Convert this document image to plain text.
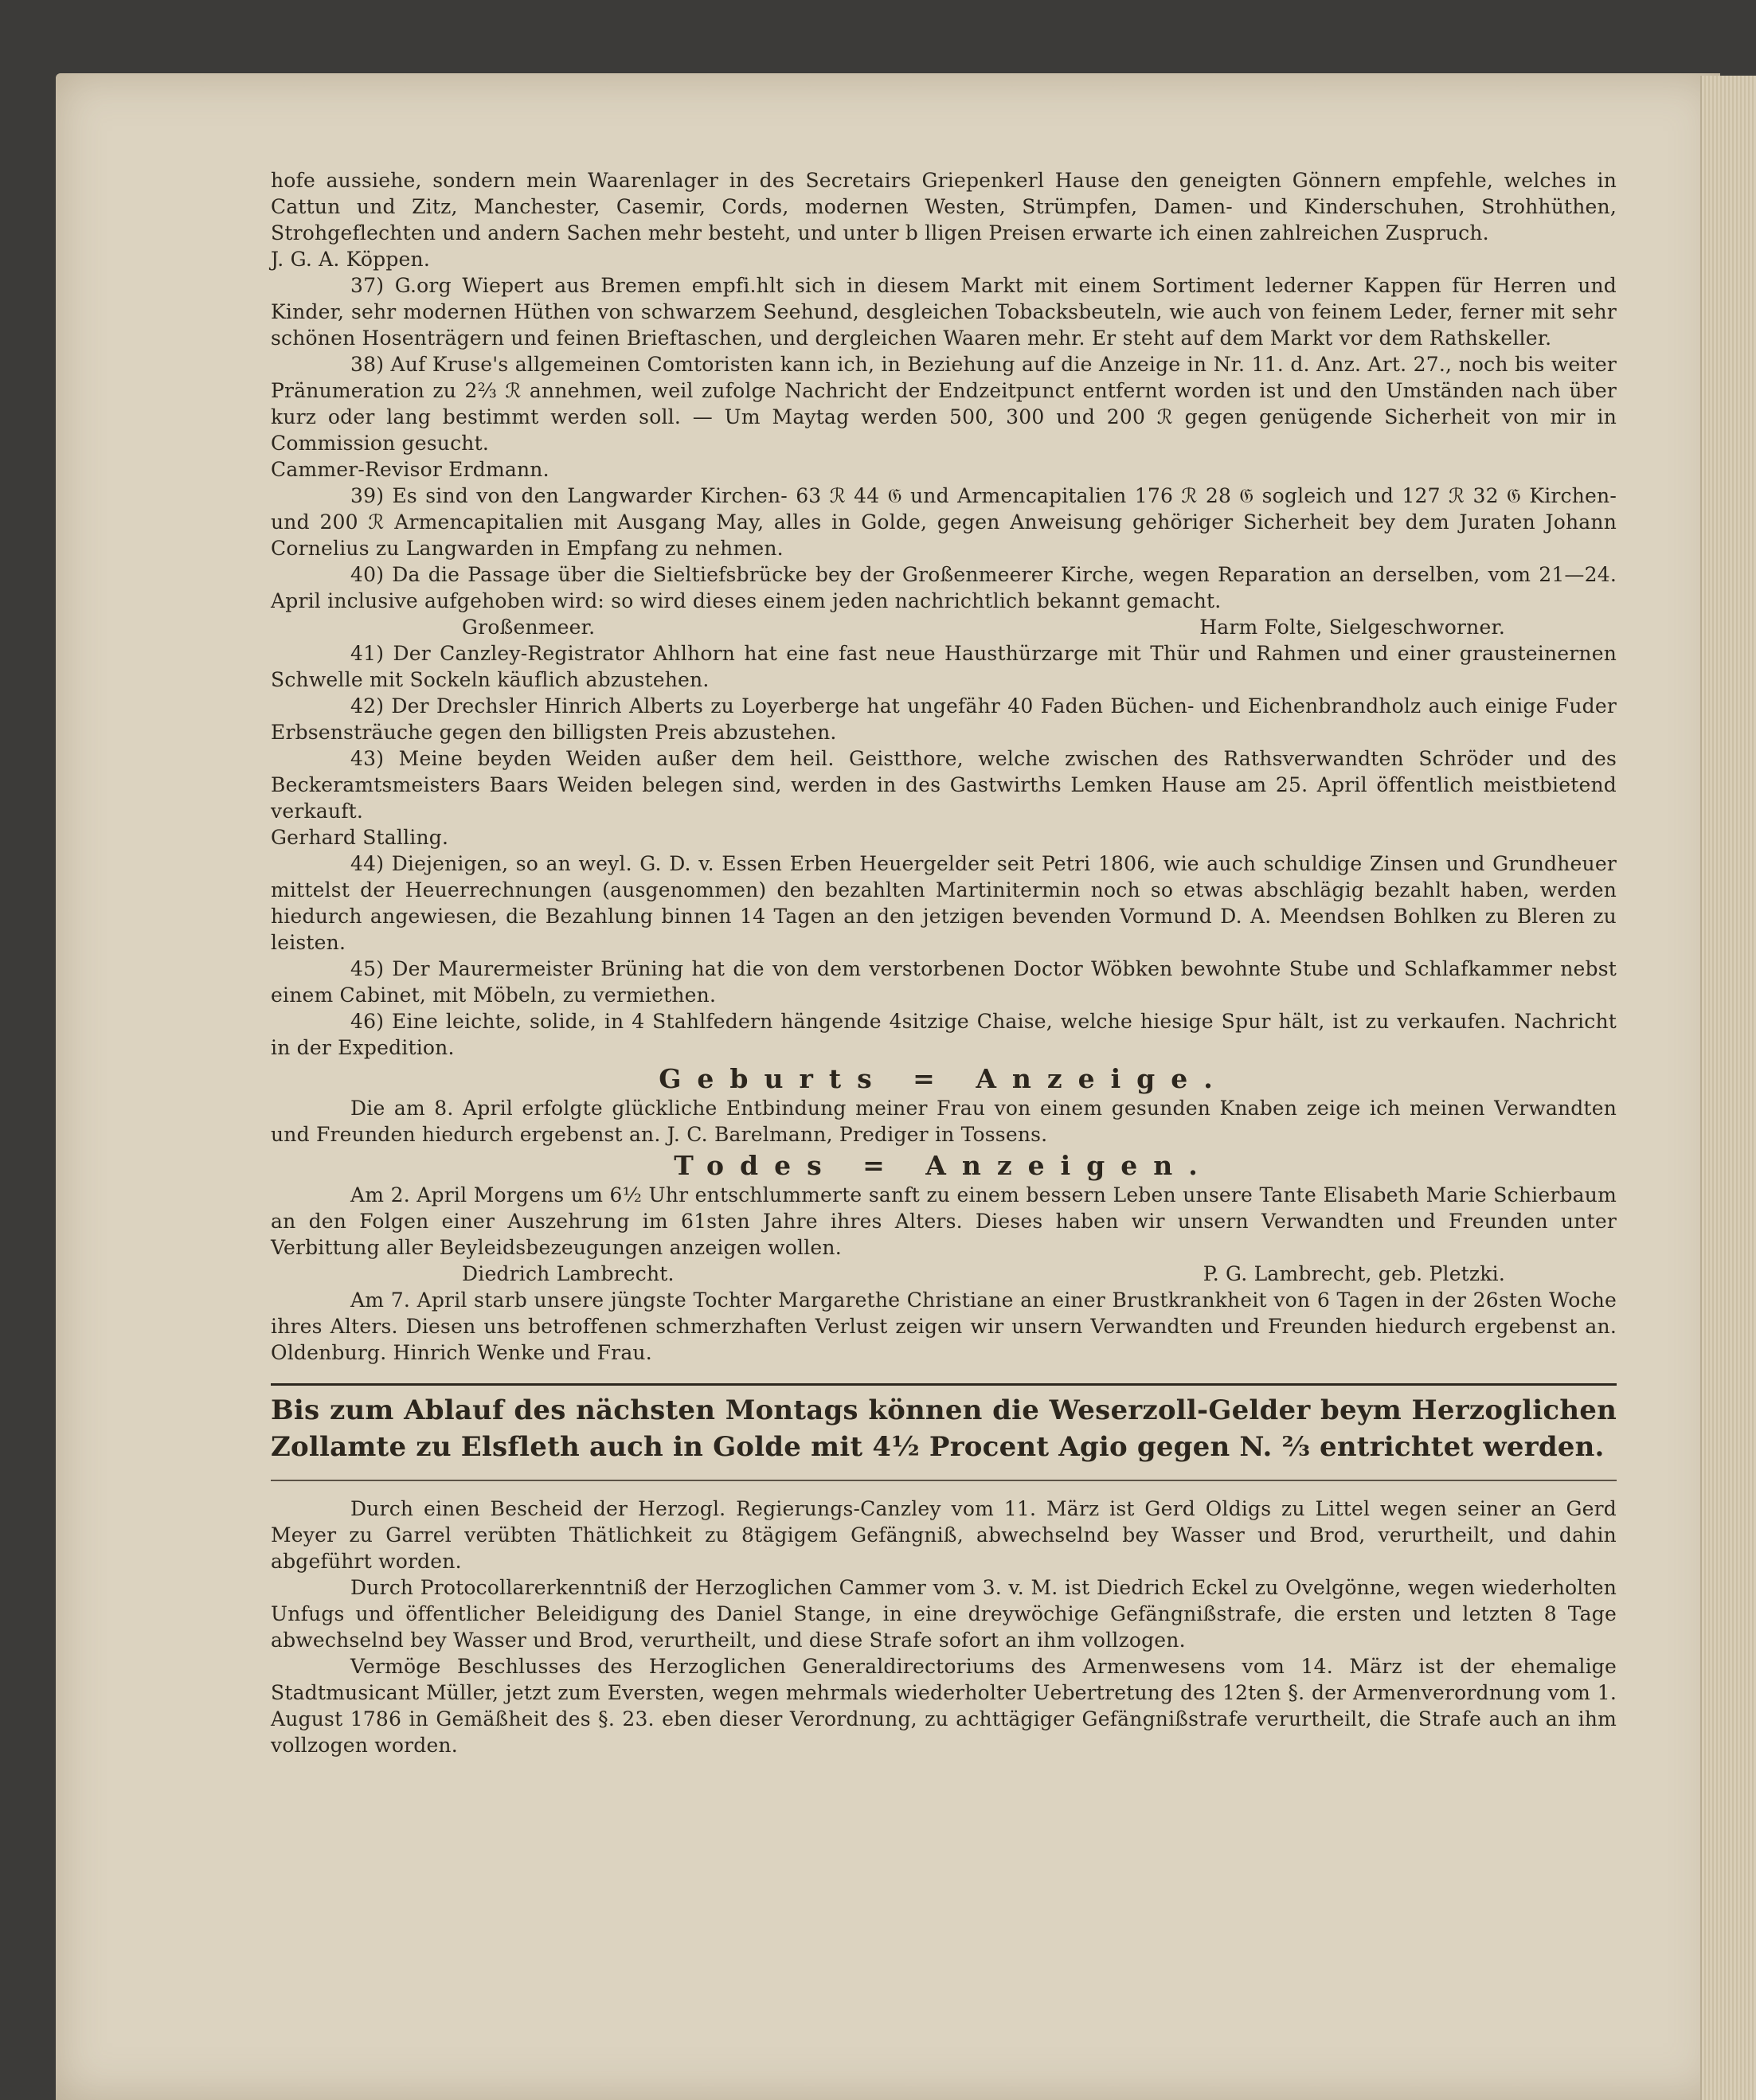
hofe aussiehe, sondern mein Waarenlager in des Secretairs Griepenkerl Hause den geneigten Gönnern empfehle, welches in Cattun und Zitz, Manchester, Casemir, Cords, modernen Westen, Strümpfen, Damen- und Kinderschuhen, Strohhüthen, Strohgeflechten und andern Sachen mehr besteht, und unter b lligen Preisen erwarte ich einen zahlreichen Zuspruch.

J. G. A. Köppen.

37) G.org Wiepert aus Bremen empfi.hlt sich in diesem Markt mit einem Sortiment lederner Kappen für Herren und Kinder, sehr modernen Hüthen von schwarzem Seehund, desgleichen Tobacksbeuteln, wie auch von feinem Leder, ferner mit sehr schönen Hosenträgern und feinen Brieftaschen, und dergleichen Waaren mehr. Er steht auf dem Markt vor dem Rathskeller.

38) Auf Kruse's allgemeinen Comtoristen kann ich, in Beziehung auf die Anzeige in Nr. 11. d. Anz. Art. 27., noch bis weiter Pränumeration zu 2⅔ ℛ annehmen, weil zufolge Nachricht der Endzeitpunct entfernt worden ist und den Umständen nach über kurz oder lang bestimmt werden soll. — Um Maytag werden 500, 300 und 200 ℛ gegen genügende Sicherheit von mir in Commission gesucht.

Cammer-Revisor Erdmann.

39) Es sind von den Langwarder Kirchen- 63 ℛ 44 𝔊 und Armencapitalien 176 ℛ 28 𝔊 sogleich und 127 ℛ 32 𝔊 Kirchen- und 200 ℛ Armencapitalien mit Ausgang May, alles in Golde, gegen Anweisung gehöriger Sicherheit bey dem Juraten Johann Cornelius zu Langwarden in Empfang zu nehmen.

40) Da die Passage über die Sieltiefsbrücke bey der Großenmeerer Kirche, wegen Reparation an derselben, vom 21—24. April inclusive aufgehoben wird: so wird dieses einem jeden nachrichtlich bekannt gemacht.

Großenmeer.	Harm Folte, Sielgeschworner.

41) Der Canzley-Registrator Ahlhorn hat eine fast neue Hausthürzarge mit Thür und Rahmen und einer grausteinernen Schwelle mit Sockeln käuflich abzustehen.

42) Der Drechsler Hinrich Alberts zu Loyerberge hat ungefähr 40 Faden Büchen- und Eichenbrandholz auch einige Fuder Erbsensträuche gegen den billigsten Preis abzustehen.

43) Meine beyden Weiden außer dem heil. Geistthore, welche zwischen des Rathsverwandten Schröder und des Beckeramtsmeisters Baars Weiden belegen sind, werden in des Gastwirths Lemken Hause am 25. April öffentlich meistbietend verkauft.

Gerhard Stalling.

44) Diejenigen, so an weyl. G. D. v. Essen Erben Heuergelder seit Petri 1806, wie auch schuldige Zinsen und Grundheuer mittelst der Heuerrechnungen (ausgenommen) den bezahlten Martinitermin noch so etwas abschlägig bezahlt haben, werden hiedurch angewiesen, die Bezahlung binnen 14 Tagen an den jetzigen bevenden Vormund D. A. Meendsen Bohlken zu Bleren zu leisten.

45) Der Maurermeister Brüning hat die von dem verstorbenen Doctor Wöbken bewohnte Stube und Schlafkammer nebst einem Cabinet, mit Möbeln, zu vermiethen.

46) Eine leichte, solide, in 4 Stahlfedern hängende 4sitzige Chaise, welche hiesige Spur hält, ist zu verkaufen. Nachricht in der Expedition.

Geburts = Anzeige.

Die am 8. April erfolgte glückliche Entbindung meiner Frau von einem gesunden Knaben zeige ich meinen Verwandten und Freunden hiedurch ergebenst an. J. C. Barelmann, Prediger in Tossens.

Todes = Anzeigen.

Am 2. April Morgens um 6½ Uhr entschlummerte sanft zu einem bessern Leben unsere Tante Elisabeth Marie Schierbaum an den Folgen einer Auszehrung im 61sten Jahre ihres Alters. Dieses haben wir unsern Verwandten und Freunden unter Verbittung aller Beyleidsbezeugungen anzeigen wollen.

Diedrich Lambrecht.	P. G. Lambrecht, geb. Pletzki.

Am 7. April starb unsere jüngste Tochter Margarethe Christiane an einer Brustkrankheit von 6 Tagen in der 26sten Woche ihres Alters. Diesen uns betroffenen schmerzhaften Verlust zeigen wir unsern Verwandten und Freunden hiedurch ergebenst an. Oldenburg. Hinrich Wenke und Frau.

Bis zum Ablauf des nächsten Montags können die Weserzoll-Gelder beym Herzoglichen Zollamte zu Elsfleth auch in Golde mit 4½ Procent Agio gegen N. ⅔ entrichtet werden.

Durch einen Bescheid der Herzogl. Regierungs-Canzley vom 11. März ist Gerd Oldigs zu Littel wegen seiner an Gerd Meyer zu Garrel verübten Thätlichkeit zu 8tägigem Gefängniß, abwechselnd bey Wasser und Brod, verurtheilt, und dahin abgeführt worden.

Durch Protocollarerkenntniß der Herzoglichen Cammer vom 3. v. M. ist Diedrich Eckel zu Ovelgönne, wegen wiederholten Unfugs und öffentlicher Beleidigung des Daniel Stange, in eine dreywöchige Gefängnißstrafe, die ersten und letzten 8 Tage abwechselnd bey Wasser und Brod, verurtheilt, und diese Strafe sofort an ihm vollzogen.

Vermöge Beschlusses des Herzoglichen Generaldirectoriums des Armenwesens vom 14. März ist der ehemalige Stadtmusicant Müller, jetzt zum Eversten, wegen mehrmals wiederholter Uebertretung des 12ten §. der Armenverordnung vom 1. August 1786 in Gemäßheit des §. 23. eben dieser Verordnung, zu achttägiger Gefängnißstrafe verurtheilt, die Strafe auch an ihm vollzogen worden.
